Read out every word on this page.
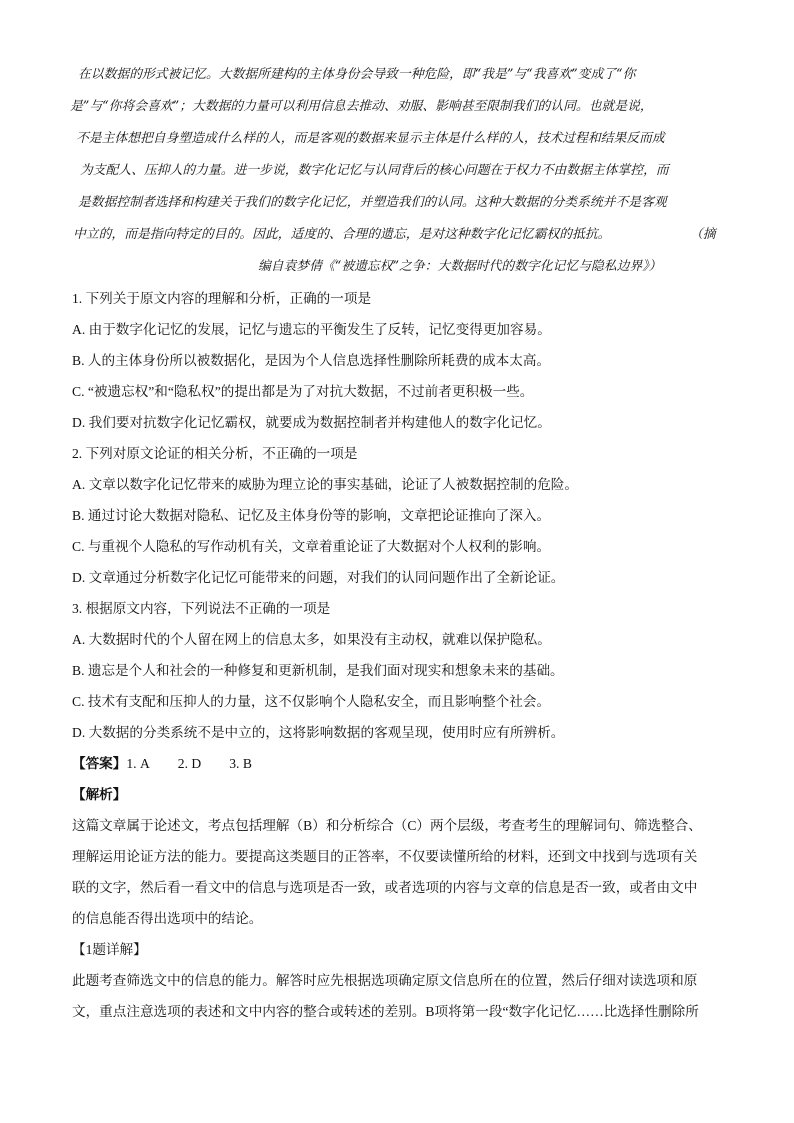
在以数据的形式被记忆。大数据所建构的主体身份会导致一种危险，即“我是”与“我喜欢”变成了“你
是”与“你将会喜欢”；大数据的力量可以利用信息去推动、劝服、影响甚至限制我们的认同。也就是说，
不是主体想把自身塑造成什么样的人，而是客观的数据来显示主体是什么样的人，技术过程和结果反而成
为支配人、压抑人的力量。进一步说，数字化记忆与认同背后的核心问题在于权力不由数据主体掌控，而
是数据控制者选择和构建关于我们的数字化记忆，并塑造我们的认同。这种大数据的分类系统并不是客观
中立的，而是指向特定的目的。因此，适度的、合理的遗忘，是对这种数字化记忆霸权的抵抗。	（摘
编自袁梦倩《“被遗忘权”之争：大数据时代的数字化记忆与隐私边界》）
1. 下列关于原文内容的理解和分析，正确的一项是
A. 由于数字化记忆的发展，记忆与遗忘的平衡发生了反转，记忆变得更加容易。
B. 人的主体身份所以被数据化，是因为个人信息选择性删除所耗费的成本太高。
C. “被遗忘权”和“隐私权”的提出都是为了对抗大数据，不过前者更积极一些。
D. 我们要对抗数字化记忆霸权，就要成为数据控制者并构建他人的数字化记忆。
2. 下列对原文论证的相关分析，不正确的一项是
A. 文章以数字化记忆带来的威胁为理立论的事实基础，论证了人被数据控制的危险。
B. 通过讨论大数据对隐私、记忆及主体身份等的影响，文章把论证推向了深入。
C. 与重视个人隐私的写作动机有关，文章着重论证了大数据对个人权利的影响。
D. 文章通过分析数字化记忆可能带来的问题，对我们的认同问题作出了全新论证。
3. 根据原文内容，下列说法不正确的一项是
A. 大数据时代的个人留在网上的信息太多，如果没有主动权，就难以保护隐私。
B. 遗忘是个人和社会的一种修复和更新机制，是我们面对现实和想象未来的基础。
C. 技术有支配和压抑人的力量，这不仅影响个人隐私安全，而且影响整个社会。
D. 大数据的分类系统不是中立的，这将影响数据的客观呈现，使用时应有所辨析。
【答案】1. A 2. D 3. B
【解析】
这篇文章属于论述文，考点包括理解（B）和分析综合（C）两个层级，考查考生的理解词句、筛选整合、
理解运用论证方法的能力。要提高这类题目的正答率，不仅要读懂所给的材料，还到文中找到与选项有关
联的文字，然后看一看文中的信息与选项是否一致，或者选项的内容与文章的信息是否一致，或者由文中
的信息能否得出选项中的结论。
【1题详解】
此题考查筛选文中的信息的能力。解答时应先根据选项确定原文信息所在的位置，然后仔细对读选项和原
文，重点注意选项的表述和文中内容的整合或转述的差别。B项将第一段“数字化记忆……比选择性删除所
